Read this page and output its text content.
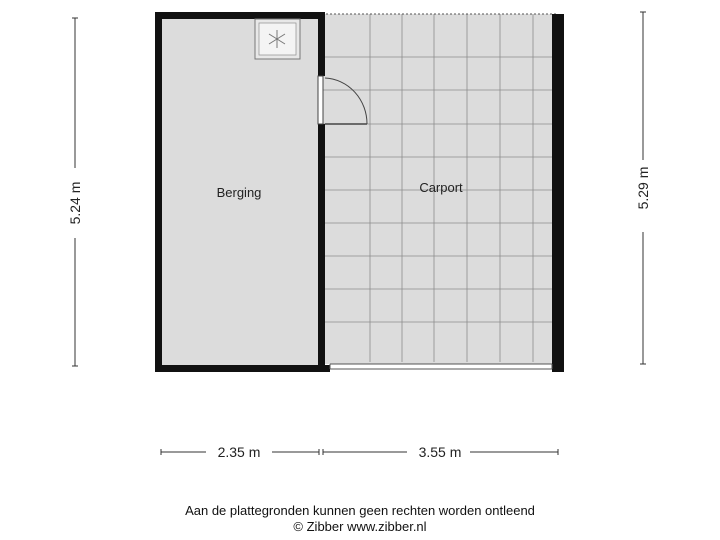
Berging	Carport
5.24 m	5.29 m
2.35 m	3.55 m
Aan de plattegronden kunnen geen rechten worden ontleend
© Zibber www.zibber.nl
